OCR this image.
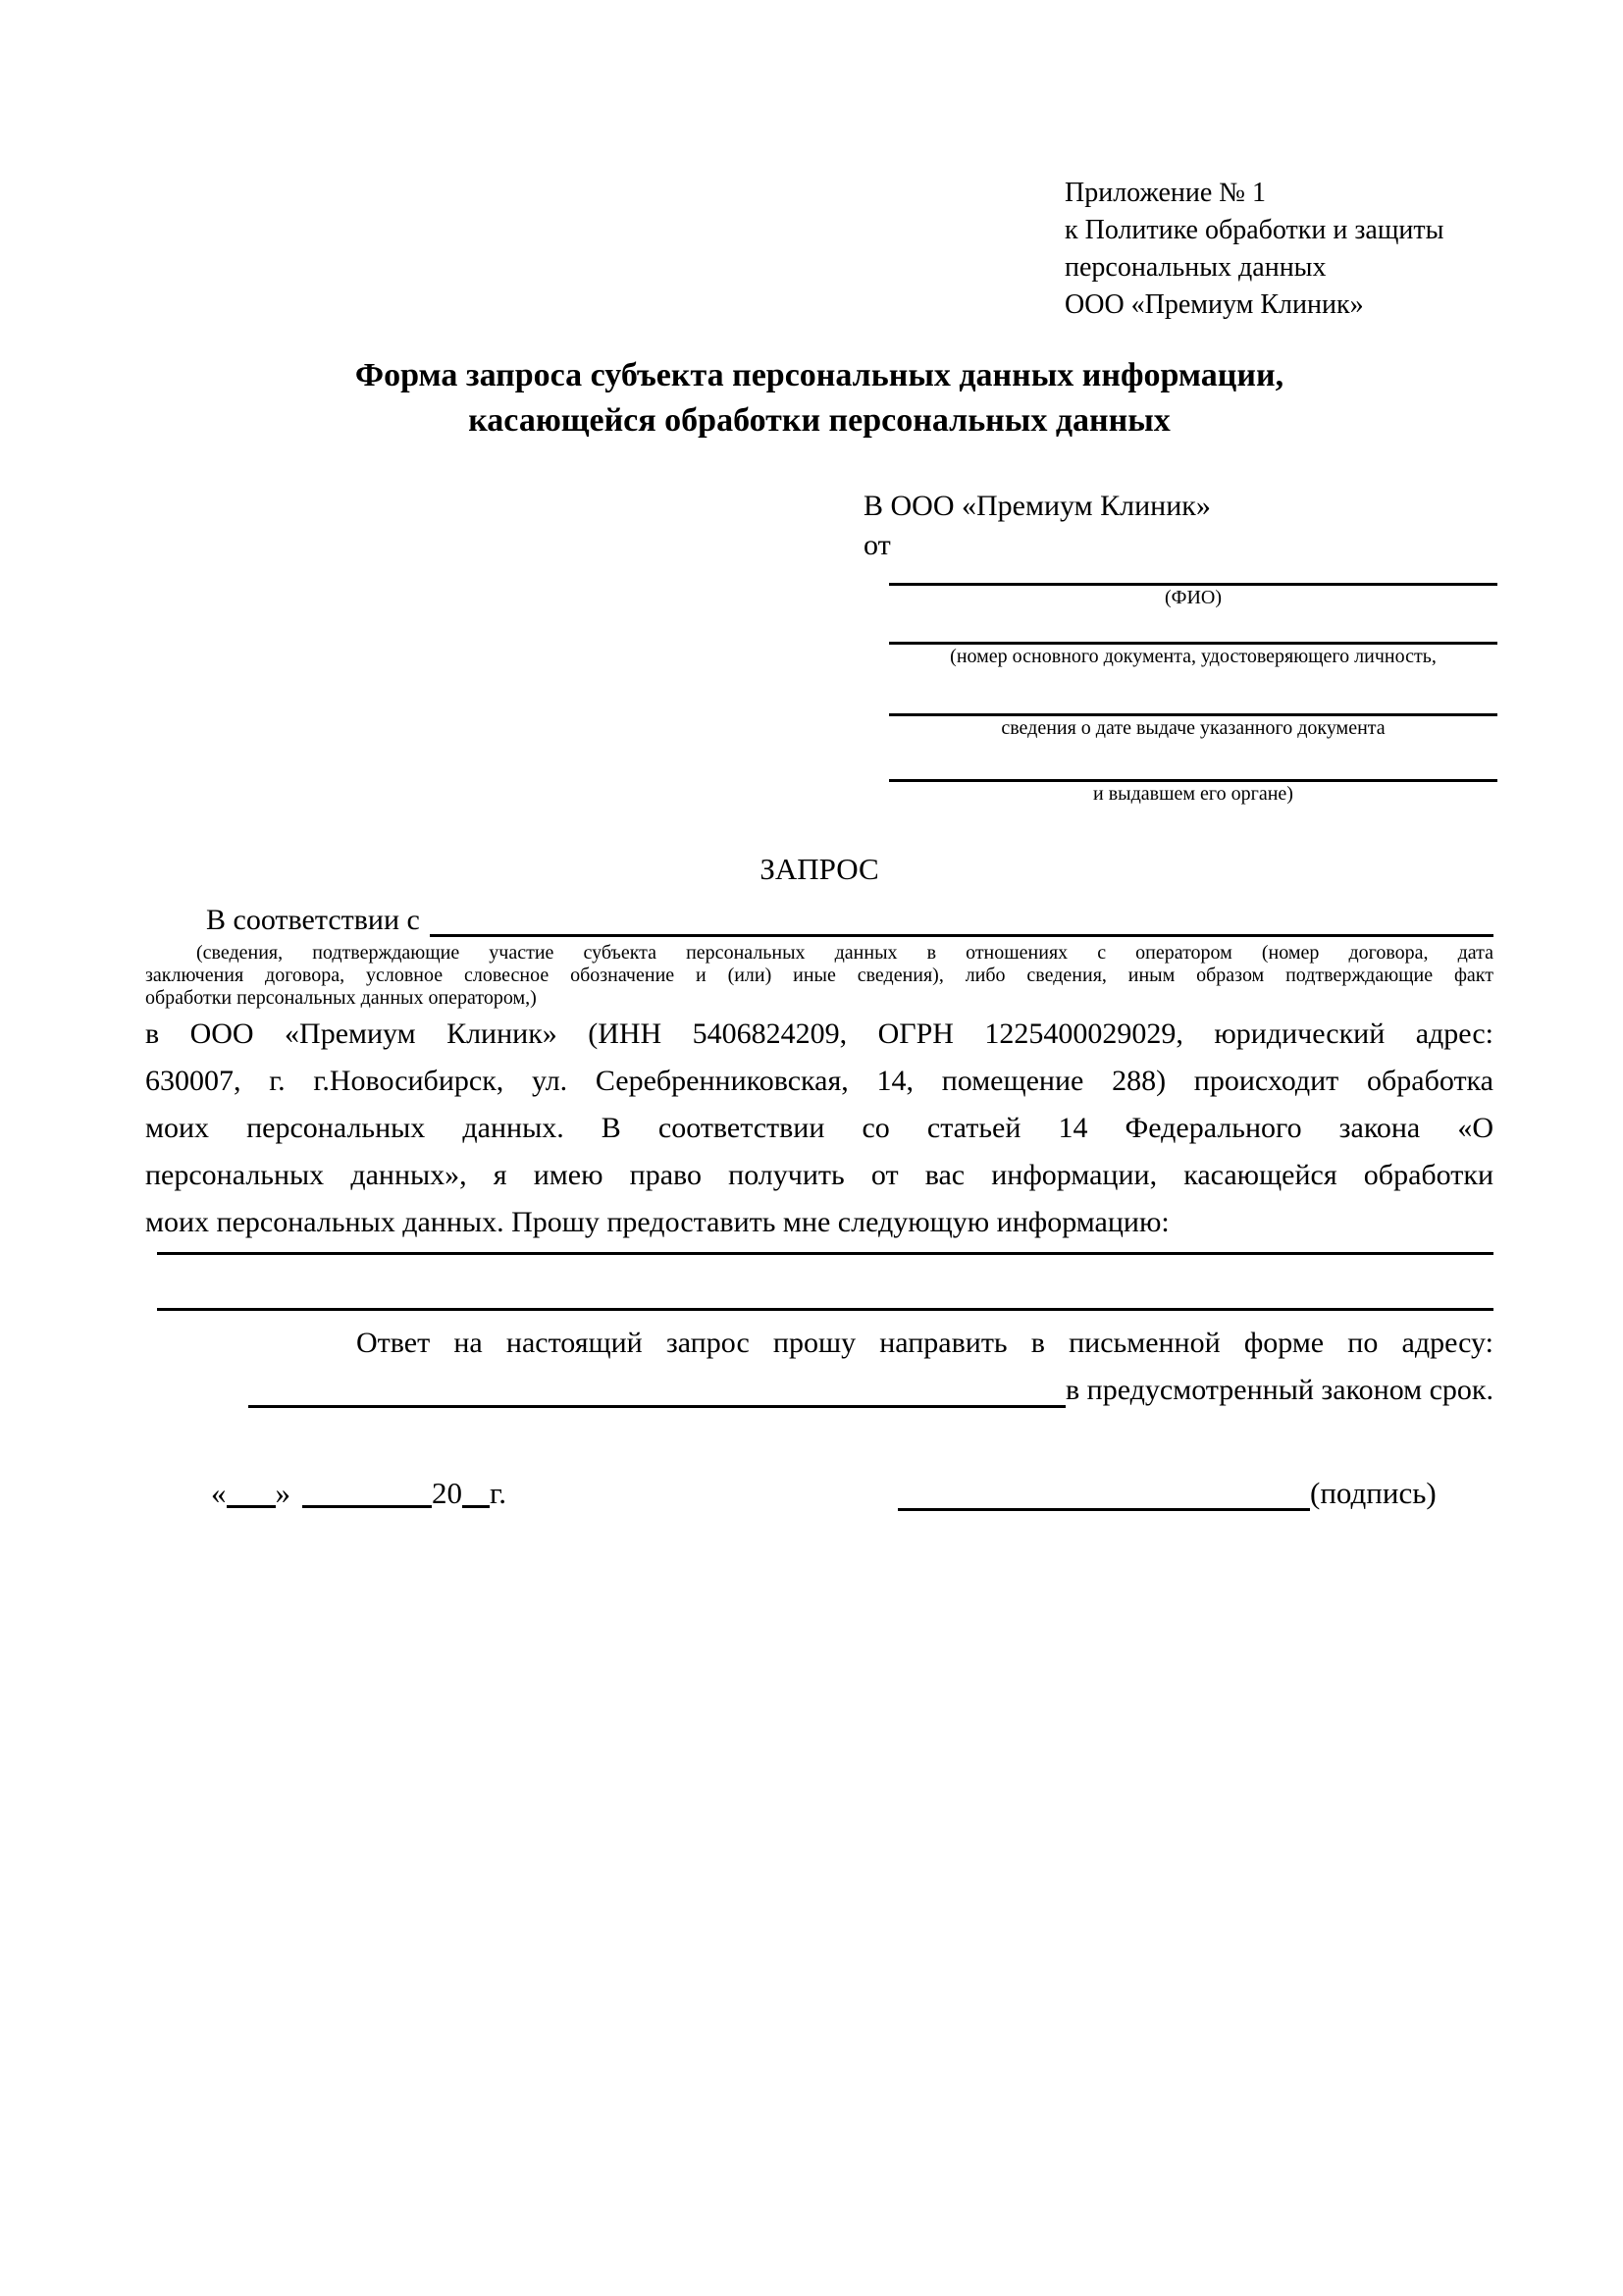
Приложение № 1
к Политике обработки и защиты
персональных данных
ООО «Премиум Клиник»
Форма запроса субъекта персональных данных информации,
касающейся обработки персональных данных
В ООО «Премиум Клиник»
от
(ФИО)
(номер основного документа, удостоверяющего личность,
сведения о дате выдаче указанного документа
и выдавшем его органе)
ЗАПРОС
В соответствии с
(сведения, подтверждающие участие субъекта персональных данных в отношениях с оператором (номер договора, дата
заключения договора, условное словесное обозначение и (или) иные сведения), либо сведения, иным образом подтверждающие факт
обработки персональных данных оператором,)
в ООО «Премиум Клиник» (ИНН 5406824209, ОГРН 1225400029029, юридический адрес:
630007, г. г.Новосибирск, ул. Серебренниковская, 14, помещение 288) происходит обработка
моих персональных данных. В соответствии со статьей 14 Федерального закона «О
персональных данных», я имею право получить от вас информации, касающейся обработки
моих персональных данных. Прошу предоставить мне следующую информацию:
Ответ на настоящий запрос прошу направить в письменной форме по адресу:
в предусмотренный законом срок.
« »	20 г.	(подпись)
